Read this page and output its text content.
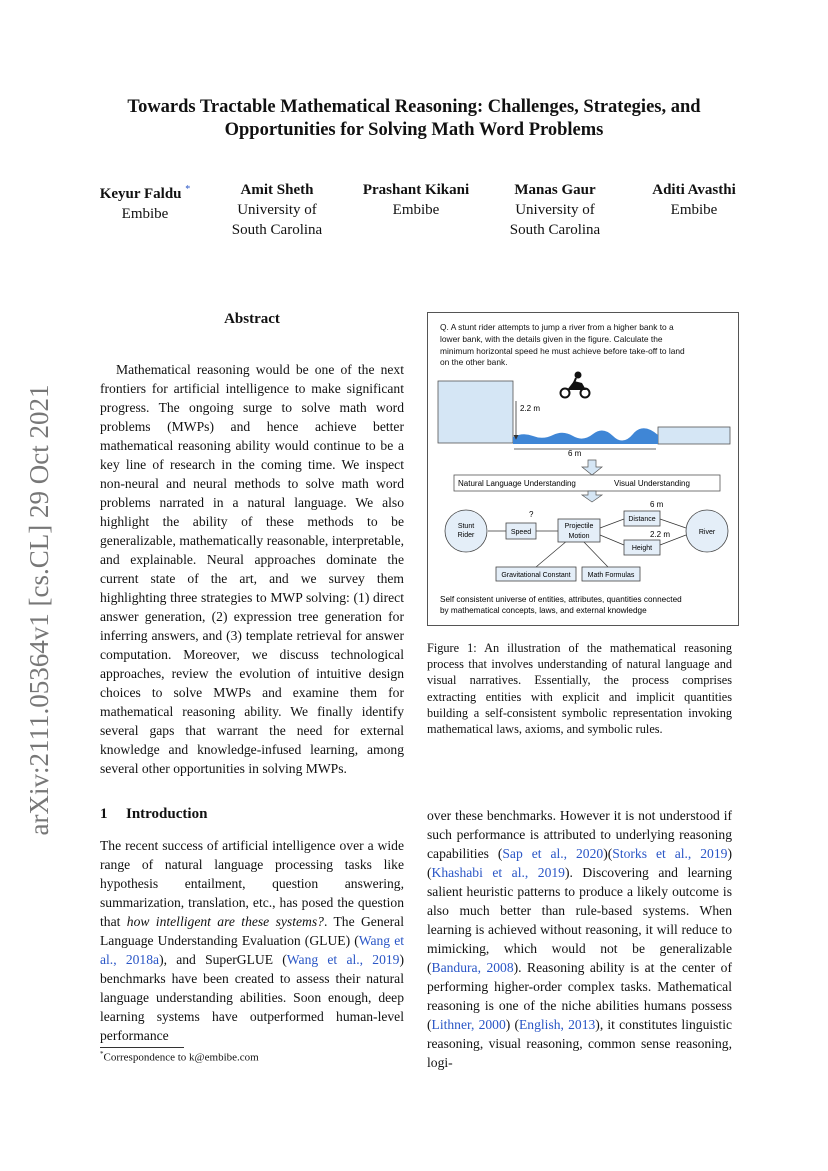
arXiv:2111.05364v1 [cs.CL] 29 Oct 2021
Towards Tractable Mathematical Reasoning: Challenges, Strategies, and
Opportunities for Solving Math Word Problems
Keyur Faldu *
Embibe
Amit Sheth
University of
South Carolina
Prashant Kikani
Embibe
Manas Gaur
University of
South Carolina
Aditi Avasthi
Embibe
Abstract

Mathematical reasoning would be one of the next frontiers for artificial intelligence to make significant progress. The ongoing surge to solve math word problems (MWPs) and hence achieve better mathematical reasoning ability would continue to be a key line of research in the coming time. We inspect non-neural and neural methods to solve math word problems narrated in a natural language. We also highlight the ability of these methods to be generalizable, mathematically reasonable, interpretable, and explainable. Neural approaches dominate the current state of the art, and we survey them highlighting three strategies to MWP solving: (1) direct answer generation, (2) expression tree generation for inferring answers, and (3) template retrieval for answer computation. Moreover, we discuss technological approaches, review the evolution of intuitive design choices to solve MWPs and examine them for mathematical reasoning ability. We finally identify several gaps that warrant the need for external knowledge and knowledge-infused learning, among several other opportunities in solving MWPs.

Q. A stunt rider attempts to jump a river from a higher bank to a
lower bank, with the details given in the figure. Calculate the
minimum horizontal speed he must achieve before take-off to land
on the other bank.
2.2 m
6 m
Natural Language Understanding	Visual Understanding
Stunt
Rider	Speed
?
Projectile
Motion
6 m
Distance
2.2 m
Height
River
Gravitational Constant Math Formulas
Self consistent universe of entities, attributes, quantities connected
by mathematical concepts, laws, and external knowledge
Figure 1: An illustration of the mathematical reasoning process that involves understanding of natural language and visual narratives. Essentially, the process comprises extracting entities with explicit and implicit quantities building a self-consistent symbolic representation invoking mathematical laws, axioms, and symbolic rules.
1 Introduction

The recent success of artificial intelligence over a wide range of natural language processing tasks like hypothesis entailment, question answering, summarization, translation, etc., has posed the question that how intelligent are these systems?. The General Language Understanding Evaluation (GLUE) (Wang et al., 2018a), and SuperGLUE (Wang et al., 2019) benchmarks have been created to assess their natural language understanding abilities. Soon enough, deep learning systems have outperformed human-level performance

over these benchmarks. However it is not understood if such performance is attributed to underlying reasoning capabilities (Sap et al., 2020)(Storks et al., 2019)(Khashabi et al., 2019). Discovering and learning salient heuristic patterns to produce a likely outcome is also much better than rule-based systems. When learning is achieved without reasoning, it will reduce to mimicking, which would not be generalizable (Bandura, 2008). Reasoning ability is at the center of performing higher-order complex tasks. Mathematical reasoning is one of the niche abilities humans possess (Lithner, 2000) (English, 2013), it constitutes linguistic reasoning, visual reasoning, common sense reasoning, logi-

*Correspondence to k@embibe.com
